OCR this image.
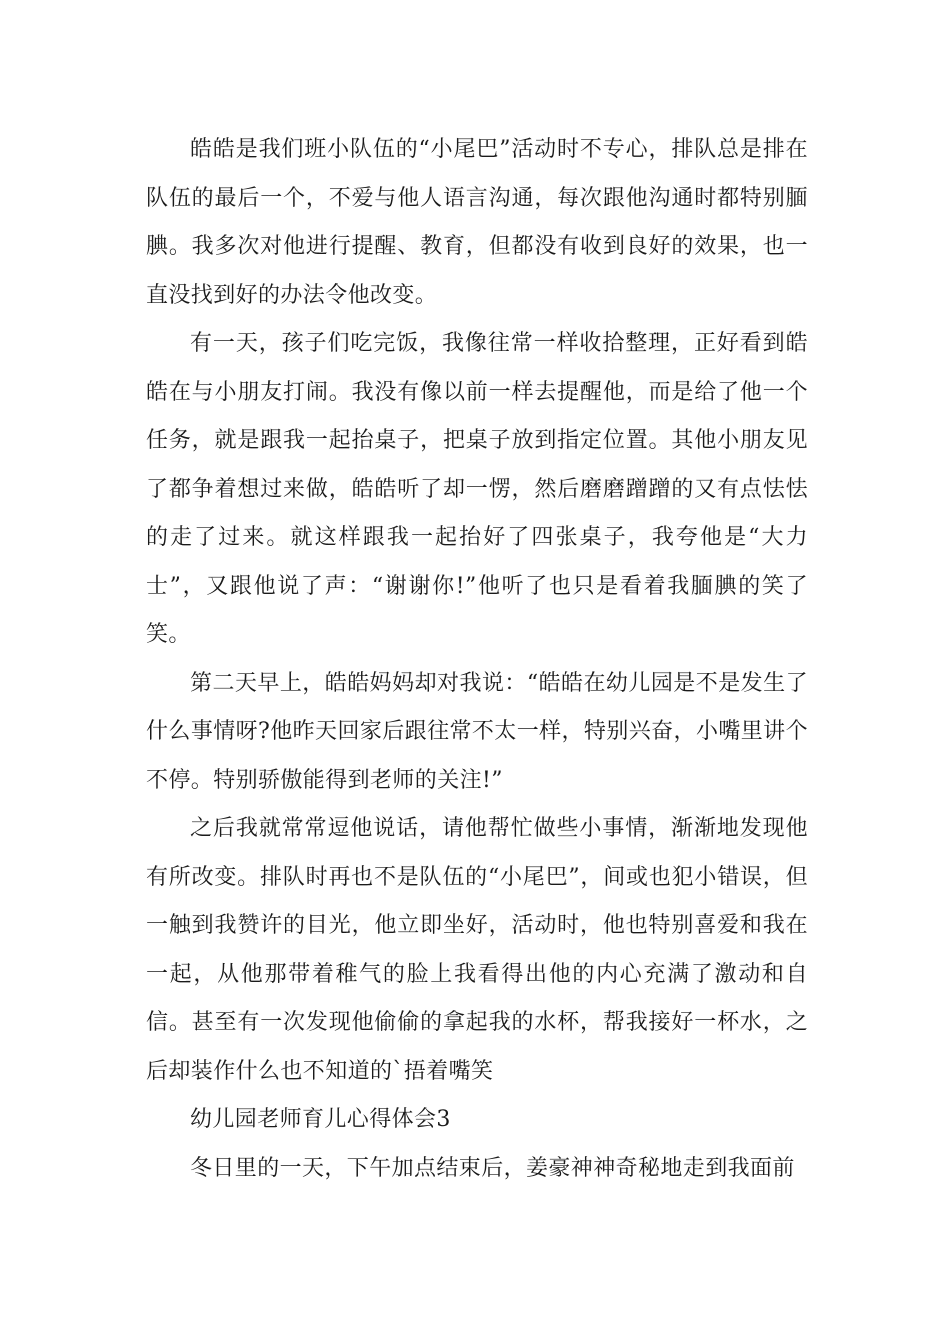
皓皓是我们班小队伍的“小尾巴”活动时不专心，排队总是排在队伍的最后一个，不爱与他人语言沟通，每次跟他沟通时都特别腼腆。我多次对他进行提醒、教育，但都没有收到良好的效果，也一直没找到好的办法令他改变。

有一天，孩子们吃完饭，我像往常一样收拾整理，正好看到皓皓在与小朋友打闹。我没有像以前一样去提醒他，而是给了他一个任务，就是跟我一起抬桌子，把桌子放到指定位置。其他小朋友见了都争着想过来做，皓皓听了却一愣，然后磨磨蹭蹭的又有点怯怯的走了过来。就这样跟我一起抬好了四张桌子，我夸他是“大力士”，又跟他说了声：“谢谢你!”他听了也只是看着我腼腆的笑了笑。

第二天早上，皓皓妈妈却对我说：“皓皓在幼儿园是不是发生了什么事情呀?他昨天回家后跟往常不太一样，特别兴奋，小嘴里讲个不停。特别骄傲能得到老师的关注!”

之后我就常常逗他说话，请他帮忙做些小事情，渐渐地发现他有所改变。排队时再也不是队伍的“小尾巴”，间或也犯小错误，但一触到我赞许的目光，他立即坐好，活动时，他也特别喜爱和我在一起，从他那带着稚气的脸上我看得出他的内心充满了激动和自信。甚至有一次发现他偷偷的拿起我的水杯，帮我接好一杯水，之后却装作什么也不知道的`捂着嘴笑

幼儿园老师育儿心得体会3

冬日里的一天，下午加点结束后，姜豪神神奇秘地走到我面前
